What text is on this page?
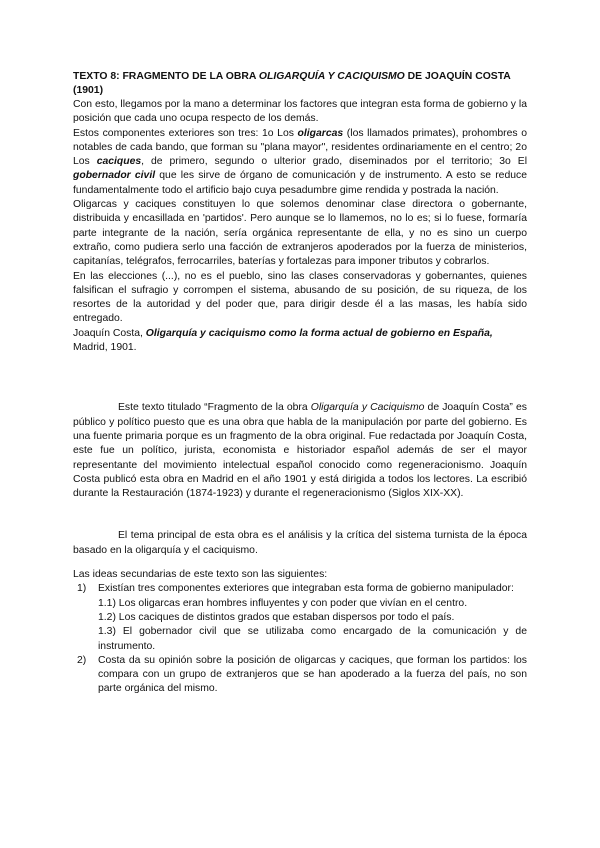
TEXTO 8: FRAGMENTO DE LA OBRA OLIGARQUÍA Y CACIQUISMO DE JOAQUÍN COSTA (1901)

Con esto, llegamos por la mano a determinar los factores que integran esta forma de gobierno y la posición que cada uno ocupa respecto de los demás.

Estos componentes exteriores son tres: 1o Los oligarcas (los llamados primates), prohombres o notables de cada bando, que forman su "plana mayor", residentes ordinariamente en el centro; 2o Los caciques, de primero, segundo o ulterior grado, diseminados por el territorio; 3o El gobernador civil que les sirve de órgano de comunicación y de instrumento. A esto se reduce fundamentalmente todo el artificio bajo cuya pesadumbre gime rendida y postrada la nación.

Oligarcas y caciques constituyen lo que solemos denominar clase directora o gobernante, distribuida y encasillada en 'partidos'. Pero aunque se lo llamemos, no lo es; si lo fuese, formaría parte integrante de la nación, sería orgánica representante de ella, y no es sino un cuerpo extraño, como pudiera serlo una facción de extranjeros apoderados por la fuerza de ministerios, capitanías, telégrafos, ferrocarriles, baterías y fortalezas para imponer tributos y cobrarlos.

En las elecciones (...), no es el pueblo, sino las clases conservadoras y gobernantes, quienes falsifican el sufragio y corrompen el sistema, abusando de su posición, de su riqueza, de los resortes de la autoridad y del poder que, para dirigir desde él a las masas, les había sido entregado.

Joaquín Costa, Oligarquía y caciquismo como la forma actual de gobierno en España,
Madrid, 1901.

Este texto titulado “Fragmento de la obra Oligarquía y Caciquismo de Joaquín Costa” es público y político puesto que es una obra que habla de la manipulación por parte del gobierno. Es una fuente primaria porque es un fragmento de la obra original. Fue redactada por Joaquín Costa, este fue un político, jurista, economista e historiador español además de ser el mayor representante del movimiento intelectual español conocido como regeneracionismo. Joaquín Costa publicó esta obra en Madrid en el año 1901 y está dirigida a todos los lectores. La escribió durante la Restauración (1874-1923) y durante el regeneracionismo (Siglos XIX-XX).

El tema principal de esta obra es el análisis y la crítica del sistema turnista de la época basado en la oligarquía y el caciquismo.

Las ideas secundarias de este texto son las siguientes:

1) Existían tres componentes exteriores que integraban esta forma de gobierno manipulador:
1.1) Los oligarcas eran hombres influyentes y con poder que vivían en el centro.
1.2) Los caciques de distintos grados que estaban dispersos por todo el país.
1.3) El gobernador civil que se utilizaba como encargado de la comunicación y de instrumento.
2) Costa da su opinión sobre la posición de oligarcas y caciques, que forman los partidos: los compara con un grupo de extranjeros que se han apoderado a la fuerza del país, no son parte orgánica del mismo.
